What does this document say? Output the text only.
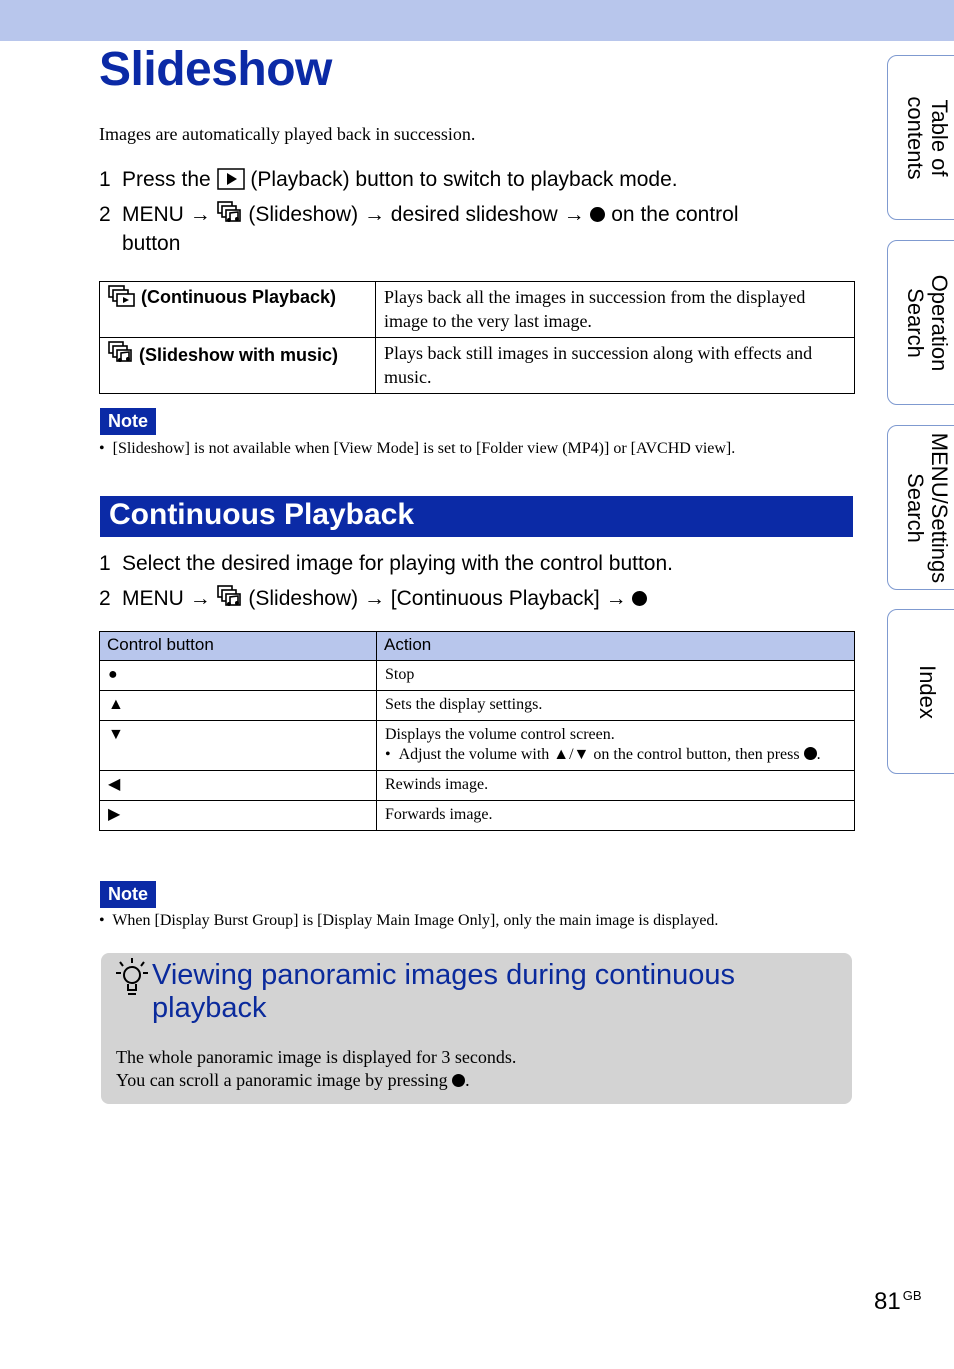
Slideshow
Images are automatically played back in succession.
1 Press the (Playback) button to switch to playback mode.
2 MENU → (Slideshow) → desired slideshow → on the control
button
(Continuous Playback)	Plays back all the images in succession from the displayed image to the very last image.

(Slideshow with music)	Plays back still images in succession along with effects and music.
Note
•  [Slideshow] is not available when [View Mode] is set to [Folder view (MP4)] or [AVCHD view].
Continuous Playback
1 Select the desired image for playing with the control button.
2 MENU → (Slideshow) → [Continuous Playback] →
Control button	Action
●	Stop
▲	Sets the display settings.
▼	Displays the volume control screen.
•  Adjust the volume with ▲/▼ on the control button, then press .

◀	Rewinds image.
▶	Forwards image.
Note
•  When [Display Burst Group] is [Display Main Image Only], only the main image is displayed.
Viewing panoramic images during continuous playback
The whole panoramic image is displayed for 3 seconds.
You can scroll a panoramic image by pressing .
Table of
contents
Operation
Search
MENU/Settings
Search
Index
81 $^{GB}$
